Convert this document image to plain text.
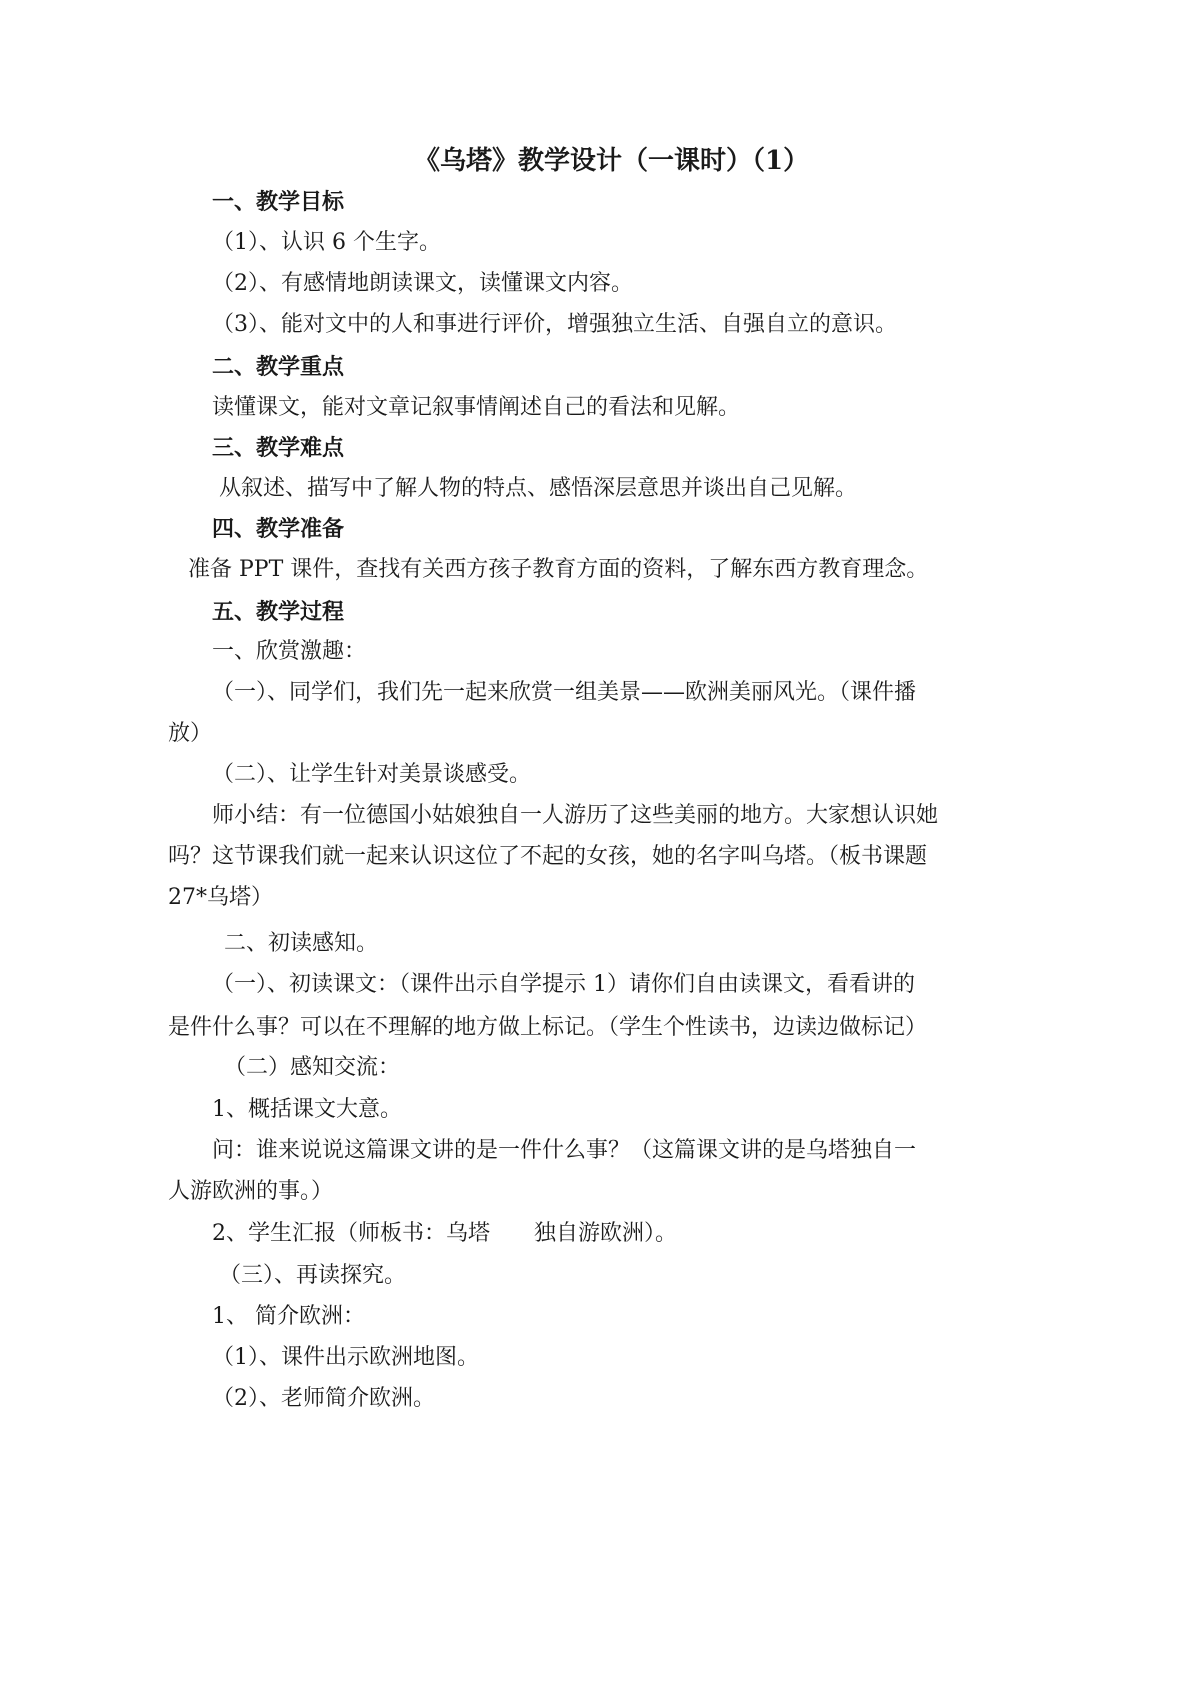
《乌塔》教学设计（一课时）（1）
一、教学目标
（1）、认识 6 个生字。
（2）、有感情地朗读课文，读懂课文内容。
（3）、能对文中的人和事进行评价，增强独立生活、自强自立的意识。
二、教学重点
读懂课文，能对文章记叙事情阐述自己的看法和见解。
三、教学难点
从叙述、描写中了解人物的特点、感悟深层意思并谈出自己见解。
四、教学准备
准备 PPT 课件，查找有关西方孩子教育方面的资料，了解东西方教育理念。
五、教学过程
一、欣赏激趣：
（一）、同学们，我们先一起来欣赏一组美景——欧洲美丽风光。（课件播
放）
（二）、让学生针对美景谈感受。
师小结：有一位德国小姑娘独自一人游历了这些美丽的地方。大家想认识她
吗？这节课我们就一起来认识这位了不起的女孩，她的名字叫乌塔。（板书课题
27*乌塔）
二、初读感知。
（一）、初读课文：（课件出示自学提示 1）请你们自由读课文，看看讲的
是件什么事？可以在不理解的地方做上标记。（学生个性读书，边读边做标记）
（二）感知交流：
1、概括课文大意。
问：谁来说说这篇课文讲的是一件什么事？（这篇课文讲的是乌塔独自一
人游欧洲的事。）
2、学生汇报（师板书：乌塔　　独自游欧洲）。
（三）、再读探究。
1、 简介欧洲：
（1）、课件出示欧洲地图。
（2）、老师简介欧洲。
